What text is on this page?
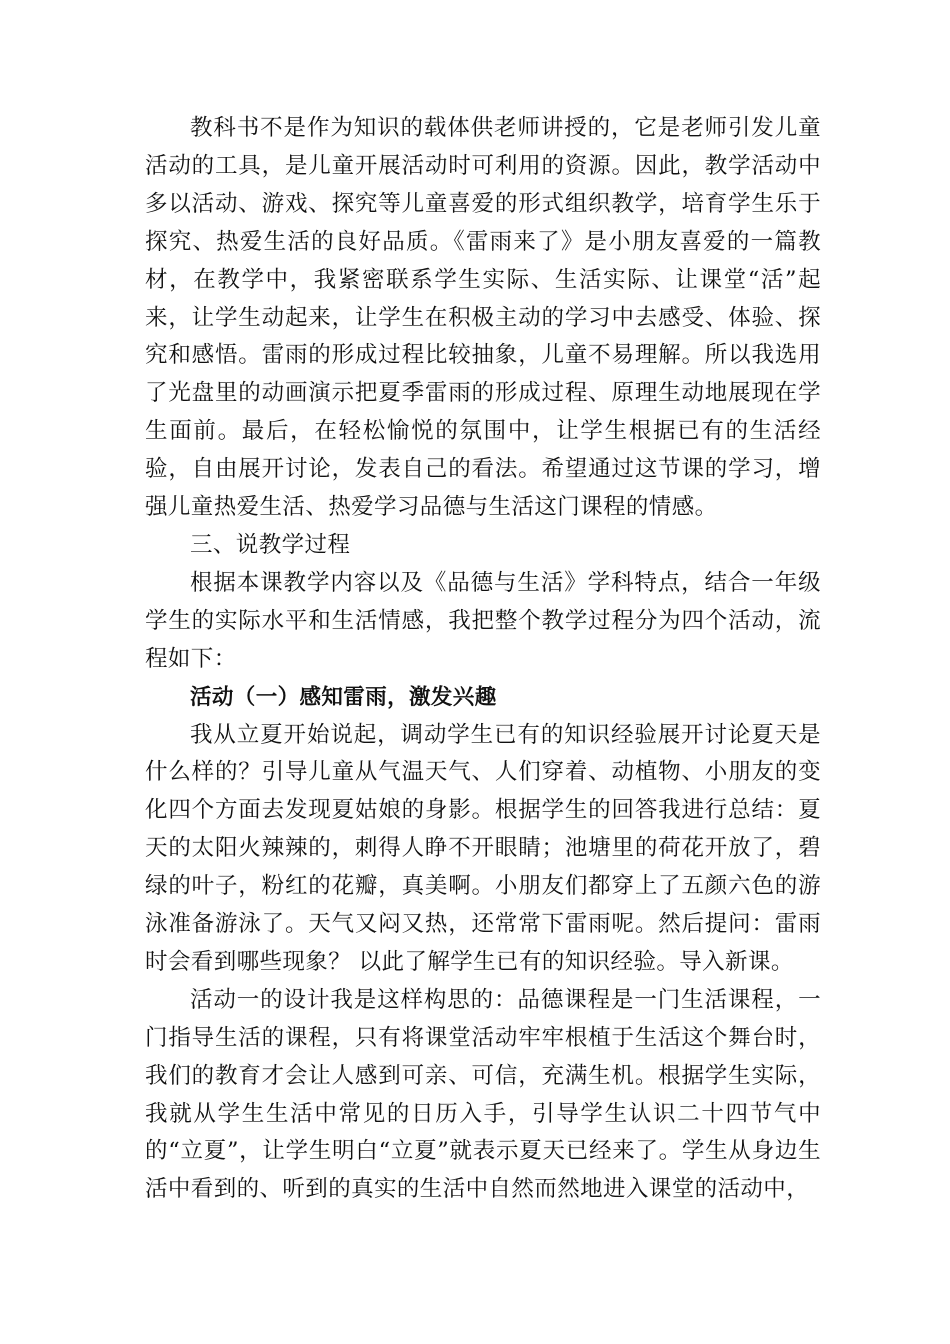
教科书不是作为知识的载体供老师讲授的，它是老师引发儿童活动的工具，是儿童开展活动时可利用的资源。因此，教学活动中多以活动、游戏、探究等儿童喜爱的形式组织教学，培育学生乐于探究、热爱生活的良好品质。《雷雨来了》是小朋友喜爱的一篇教材，在教学中，我紧密联系学生实际、生活实际、让课堂“活”起来，让学生动起来，让学生在积极主动的学习中去感受、体验、探究和感悟。雷雨的形成过程比较抽象，儿童不易理解。所以我选用了光盘里的动画演示把夏季雷雨的形成过程、原理生动地展现在学生面前。最后，在轻松愉悦的氛围中，让学生根据已有的生活经验，自由展开讨论，发表自己的看法。希望通过这节课的学习，增强儿童热爱生活、热爱学习品德与生活这门课程的情感。

三、说教学过程

根据本课教学内容以及《品德与生活》学科特点，结合一年级学生的实际水平和生活情感，我把整个教学过程分为四个活动，流程如下：

活动（一）感知雷雨，激发兴趣

我从立夏开始说起，调动学生已有的知识经验展开讨论夏天是什么样的？引导儿童从气温天气、人们穿着、动植物、小朋友的变化四个方面去发现夏姑娘的身影。根据学生的回答我进行总结：夏天的太阳火辣辣的，刺得人睁不开眼睛；池塘里的荷花开放了，碧绿的叶子，粉红的花瓣，真美啊。小朋友们都穿上了五颜六色的游泳准备游泳了。天气又闷又热，还常常下雷雨呢。然后提问：雷雨时会看到哪些现象？ 以此了解学生已有的知识经验。导入新课。

活动一的设计我是这样构思的：品德课程是一门生活课程，一门指导生活的课程，只有将课堂活动牢牢根植于生活这个舞台时，我们的教育才会让人感到可亲、可信，充满生机。根据学生实际，我就从学生生活中常见的日历入手，引导学生认识二十四节气中的“立夏”，让学生明白“立夏”就表示夏天已经来了。学生从身边生活中看到的、听到的真实的生活中自然而然地进入课堂的活动中，
